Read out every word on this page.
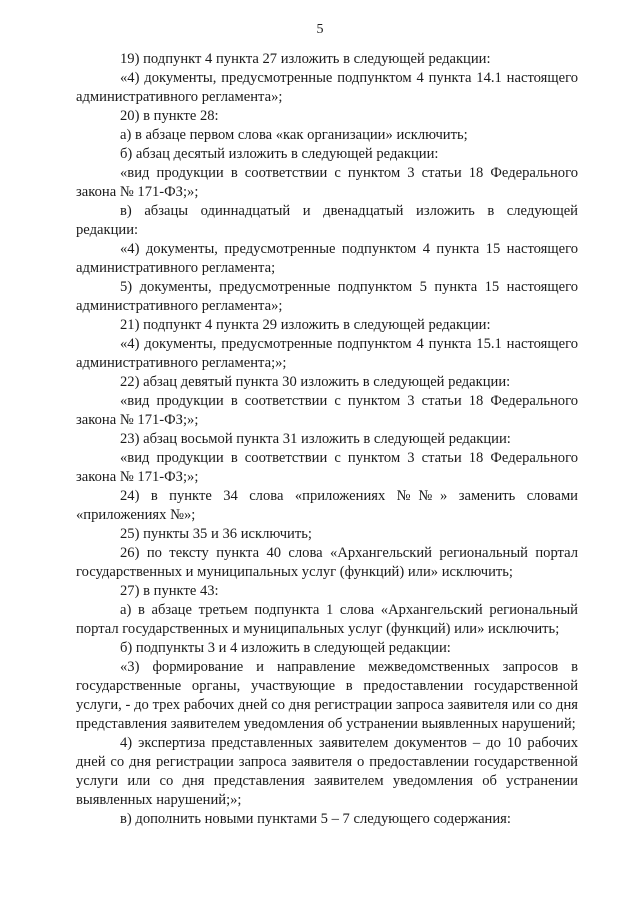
5

19) подпункт 4 пункта 27 изложить в следующей редакции:

«4) документы, предусмотренные подпунктом 4 пункта 14.1 настоящего административного регламента»;

20) в пункте 28:

а) в абзаце первом слова «как организации» исключить;

б) абзац десятый изложить в следующей редакции:

«вид продукции в соответствии с пунктом 3 статьи 18 Федерального закона № 171-ФЗ;»;

в) абзацы одиннадцатый и двенадцатый изложить в следующей редакции:

«4) документы, предусмотренные подпунктом 4 пункта 15 настоящего административного регламента;

5) документы, предусмотренные подпунктом 5 пункта 15 настоящего административного регламента»;

21) подпункт 4 пункта 29 изложить в следующей редакции:

«4) документы, предусмотренные подпунктом 4 пункта 15.1 настоящего административного регламента;»;

22) абзац девятый пункта 30 изложить в следующей редакции:

«вид продукции в соответствии с пунктом 3 статьи 18 Федерального закона № 171-ФЗ;»;

23) абзац восьмой пункта 31 изложить в следующей редакции:

«вид продукции в соответствии с пунктом 3 статьи 18 Федерального закона № 171-ФЗ;»;

24) в пункте 34 слова «приложениях №№» заменить словами «приложениях №»;

25) пункты 35 и 36 исключить;

26) по тексту пункта 40 слова «Архангельский региональный портал государственных и муниципальных услуг (функций) или» исключить;

27) в пункте 43:

а) в абзаце третьем подпункта 1 слова «Архангельский региональный портал государственных и муниципальных услуг (функций) или» исключить;

б) подпункты 3 и 4 изложить в следующей редакции:

«3) формирование и направление межведомственных запросов в государственные органы, участвующие в предоставлении государственной услуги, - до трех рабочих дней со дня регистрации запроса заявителя или со дня представления заявителем уведомления об устранении выявленных нарушений;

4) экспертиза представленных заявителем документов – до 10 рабочих дней со дня регистрации запроса заявителя о предоставлении государственной услуги или со дня представления заявителем уведомления об устранении выявленных нарушений;»;

в) дополнить новыми пунктами 5 – 7 следующего содержания:
